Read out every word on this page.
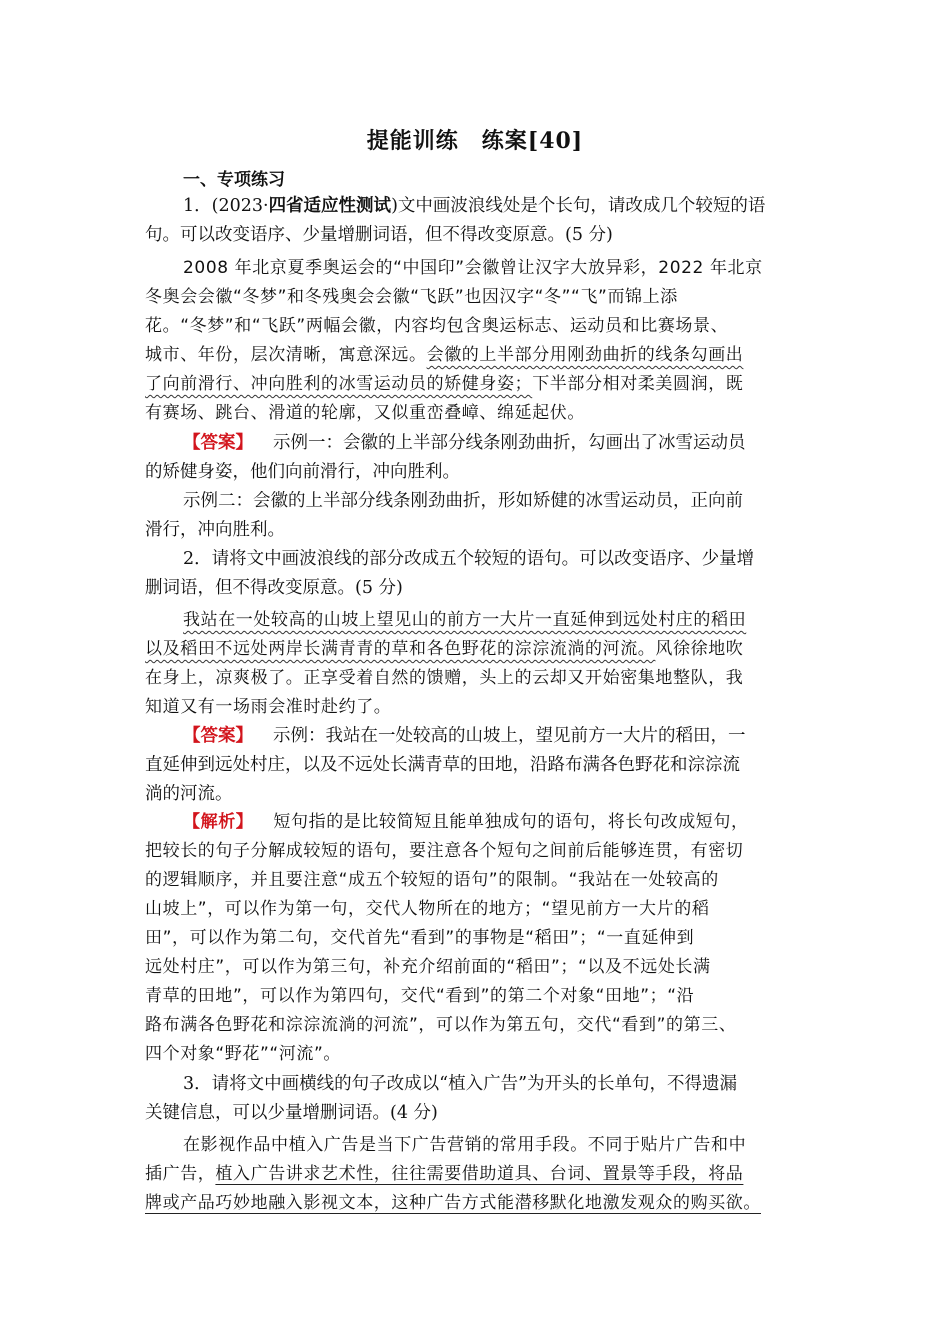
提能训练　练案[40]
一、专项练习
1．(2023·四省适应性测试)文中画波浪线处是个长句，请改成几个较短的语
句。可以改变语序、少量增删词语，但不得改变原意。(5 分)
2008 年北京夏季奥运会的“中国印”会徽曾让汉字大放异彩，2022 年北京
冬奥会会徽“冬梦”和冬残奥会会徽“飞跃”也因汉字“冬”“飞”而锦上添
花。“冬梦”和“飞跃”两幅会徽，内容均包含奥运标志、运动员和比赛场景、
城市、年份，层次清晰，寓意深远。会徽的上半部分用刚劲曲折的线条勾画出
了向前滑行、冲向胜利的冰雪运动员的矫健身姿；下半部分相对柔美圆润，既
有赛场、跳台、滑道的轮廓，又似重峦叠嶂、绵延起伏。
【答案】 示例一：会徽的上半部分线条刚劲曲折，勾画出了冰雪运动员
的矫健身姿，他们向前滑行，冲向胜利。
示例二：会徽的上半部分线条刚劲曲折，形如矫健的冰雪运动员，正向前
滑行，冲向胜利。
2．请将文中画波浪线的部分改成五个较短的语句。可以改变语序、少量增
删词语，但不得改变原意。(5 分)
我站在一处较高的山坡上望见山的前方一大片一直延伸到远处村庄的稻田
以及稻田不远处两岸长满青青的草和各色野花的淙淙流淌的河流。风徐徐地吹
在身上，凉爽极了。正享受着自然的馈赠，头上的云却又开始密集地整队，我
知道又有一场雨会准时赴约了。
【答案】 示例：我站在一处较高的山坡上，望见前方一大片的稻田，一
直延伸到远处村庄，以及不远处长满青草的田地，沿路布满各色野花和淙淙流
淌的河流。
【解析】 短句指的是比较简短且能单独成句的语句，将长句改成短句，
把较长的句子分解成较短的语句，要注意各个短句之间前后能够连贯，有密切
的逻辑顺序，并且要注意“成五个较短的语句”的限制。“我站在一处较高的
山坡上”，可以作为第一句，交代人物所在的地方；“望见前方一大片的稻
田”，可以作为第二句，交代首先“看到”的事物是“稻田”；“一直延伸到
远处村庄”，可以作为第三句，补充介绍前面的“稻田”；“以及不远处长满
青草的田地”，可以作为第四句，交代“看到”的第二个对象“田地”；“沿
路布满各色野花和淙淙流淌的河流”，可以作为第五句，交代“看到”的第三、
四个对象“野花”“河流”。
3．请将文中画横线的句子改成以“植入广告”为开头的长单句，不得遗漏
关键信息，可以少量增删词语。(4 分)
在影视作品中植入广告是当下广告营销的常用手段。不同于贴片广告和中
插广告，植入广告讲求艺术性，往往需要借助道具、台词、置景等手段，将品
牌或产品巧妙地融入影视文本，这种广告方式能潜移默化地激发观众的购买欲。
